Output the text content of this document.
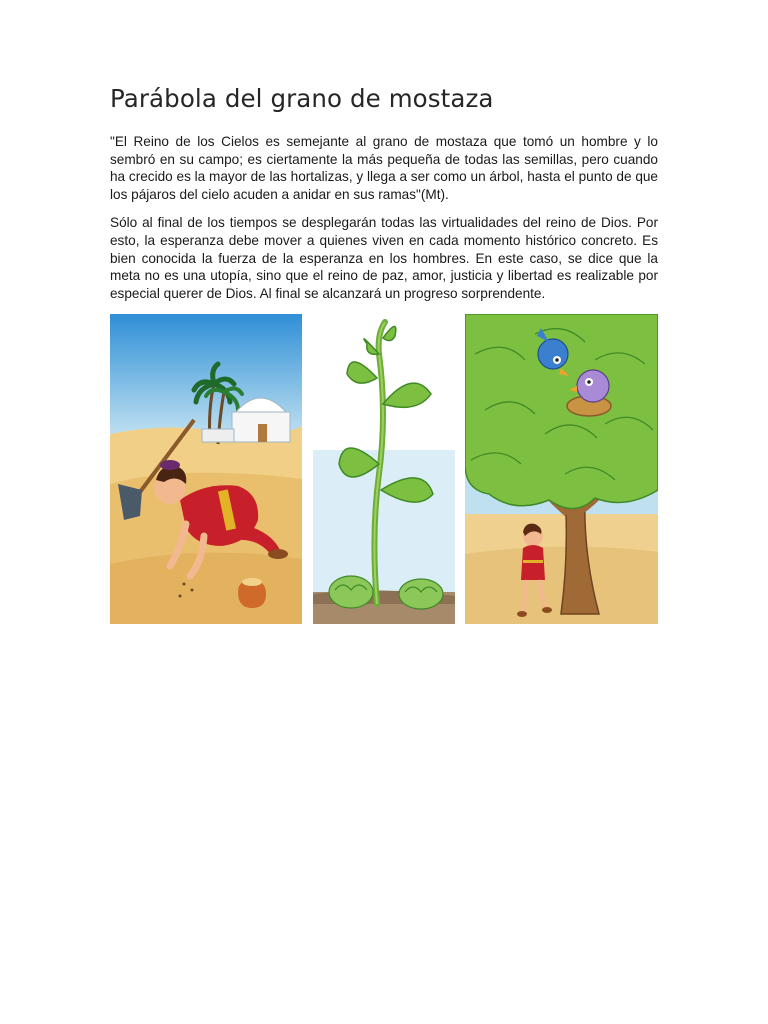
Parábola del grano de mostaza

"El Reino de los Cielos es semejante al grano de mostaza que tomó un hombre y lo sembró en su campo; es ciertamente la más pequeña de todas las semillas, pero cuando ha crecido es la mayor de las hortalizas, y llega a ser como un árbol, hasta el punto de que los pájaros del cielo acuden a anidar en sus ramas"(Mt).

Sólo al final de los tiempos se desplegarán todas las virtualidades del reino de Dios. Por esto, la esperanza debe mover a quienes viven en cada momento histórico concreto. Es bien conocida la fuerza de la esperanza en los hombres. En este caso, se dice que la meta no es una utopía, sino que el reino de paz, amor, justicia y libertad es realizable por especial querer de Dios. Al final se alcanzará un progreso sorprendente.
